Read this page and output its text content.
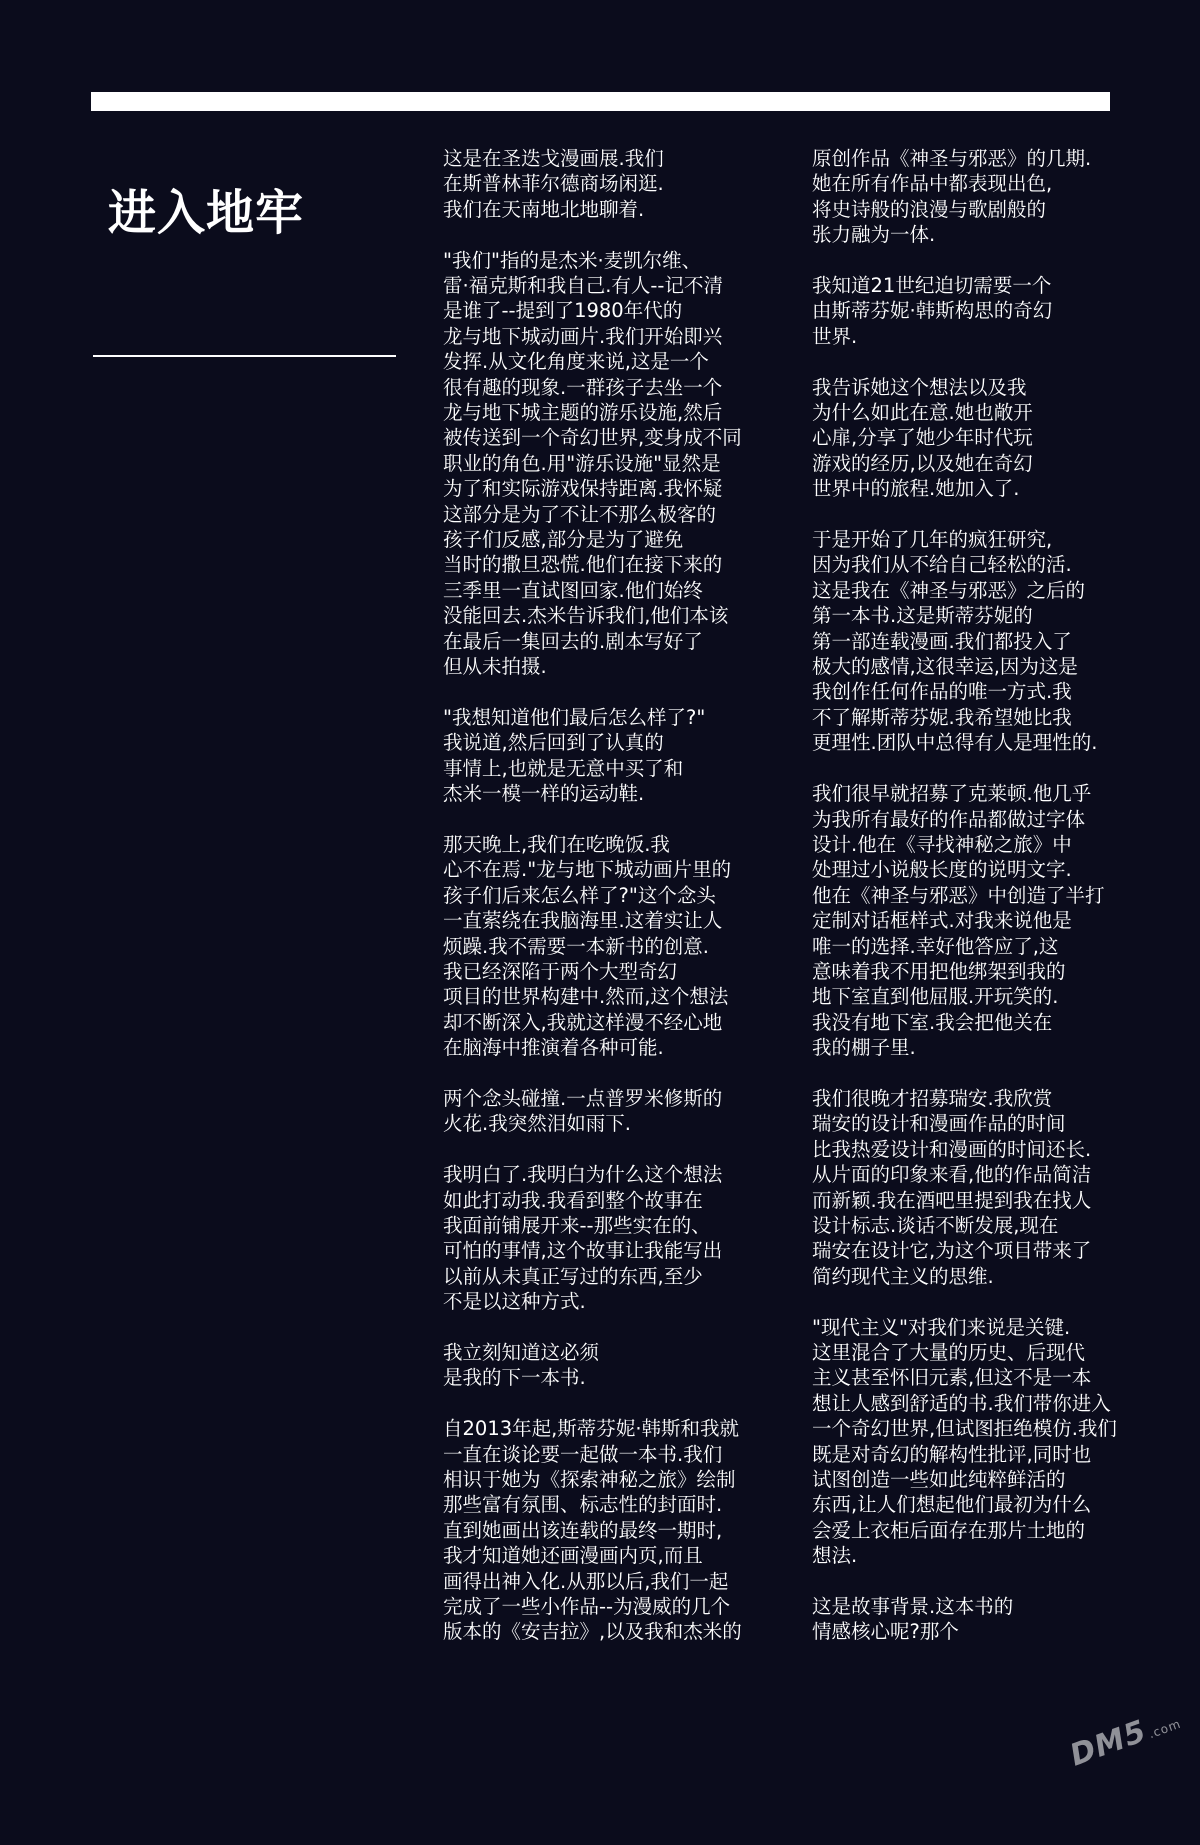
进入地牢

这是在圣迭戈漫画展.我们
在斯普林菲尔德商场闲逛.
我们在天南地北地聊着.

"我们"指的是杰米·麦凯尔维、
雷·福克斯和我自己.有人--记不清
是谁了--提到了1980年代的
龙与地下城动画片.我们开始即兴
发挥.从文化角度来说,这是一个
很有趣的现象.一群孩子去坐一个
龙与地下城主题的游乐设施,然后
被传送到一个奇幻世界,变身成不同
职业的角色.用"游乐设施"显然是
为了和实际游戏保持距离.我怀疑
这部分是为了不让不那么极客的
孩子们反感,部分是为了避免
当时的撒旦恐慌.他们在接下来的
三季里一直试图回家.他们始终
没能回去.杰米告诉我们,他们本该
在最后一集回去的.剧本写好了
但从未拍摄.

"我想知道他们最后怎么样了?"
我说道,然后回到了认真的
事情上,也就是无意中买了和
杰米一模一样的运动鞋.

那天晚上,我们在吃晚饭.我
心不在焉."龙与地下城动画片里的
孩子们后来怎么样了?"这个念头
一直萦绕在我脑海里.这着实让人
烦躁.我不需要一本新书的创意.
我已经深陷于两个大型奇幻
项目的世界构建中.然而,这个想法
却不断深入,我就这样漫不经心地
在脑海中推演着各种可能.

两个念头碰撞.一点普罗米修斯的
火花.我突然泪如雨下.

我明白了.我明白为什么这个想法
如此打动我.我看到整个故事在
我面前铺展开来--那些实在的、
可怕的事情,这个故事让我能写出
以前从未真正写过的东西,至少
不是以这种方式.

我立刻知道这必须
是我的下一本书.

自2013年起,斯蒂芬妮·韩斯和我就
一直在谈论要一起做一本书.我们
相识于她为《探索神秘之旅》绘制
那些富有氛围、标志性的封面时.
直到她画出该连载的最终一期时,
我才知道她还画漫画内页,而且
画得出神入化.从那以后,我们一起
完成了一些小作品--为漫威的几个
版本的《安吉拉》,以及我和杰米的

原创作品《神圣与邪恶》的几期.
她在所有作品中都表现出色,
将史诗般的浪漫与歌剧般的
张力融为一体.

我知道21世纪迫切需要一个
由斯蒂芬妮·韩斯构思的奇幻
世界.

我告诉她这个想法以及我
为什么如此在意.她也敞开
心扉,分享了她少年时代玩
游戏的经历,以及她在奇幻
世界中的旅程.她加入了.

于是开始了几年的疯狂研究,
因为我们从不给自己轻松的活.
这是我在《神圣与邪恶》之后的
第一本书.这是斯蒂芬妮的
第一部连载漫画.我们都投入了
极大的感情,这很幸运,因为这是
我创作任何作品的唯一方式.我
不了解斯蒂芬妮.我希望她比我
更理性.团队中总得有人是理性的.

我们很早就招募了克莱顿.他几乎
为我所有最好的作品都做过字体
设计.他在《寻找神秘之旅》中
处理过小说般长度的说明文字.
他在《神圣与邪恶》中创造了半打
定制对话框样式.对我来说他是
唯一的选择.幸好他答应了,这
意味着我不用把他绑架到我的
地下室直到他屈服.开玩笑的.
我没有地下室.我会把他关在
我的棚子里.

我们很晚才招募瑞安.我欣赏
瑞安的设计和漫画作品的时间
比我热爱设计和漫画的时间还长.
从片面的印象来看,他的作品简洁
而新颖.我在酒吧里提到我在找人
设计标志.谈话不断发展,现在
瑞安在设计它,为这个项目带来了
简约现代主义的思维.

"现代主义"对我们来说是关键.
这里混合了大量的历史、后现代
主义甚至怀旧元素,但这不是一本
想让人感到舒适的书.我们带你进入
一个奇幻世界,但试图拒绝模仿.我们
既是对奇幻的解构性批评,同时也
试图创造一些如此纯粹鲜活的
东西,让人们想起他们最初为什么
会爱上衣柜后面存在那片土地的
想法.

这是故事背景.这本书的
情感核心呢?那个

DM5.com
